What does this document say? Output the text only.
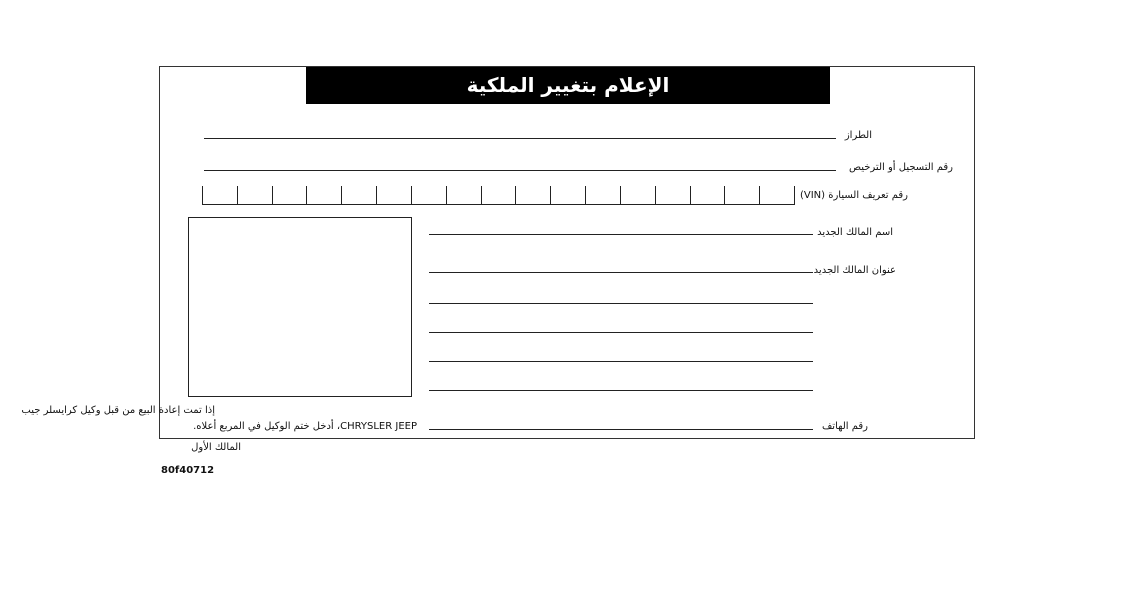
الإعلام بتغيير الملكية
الطراز
رقم التسجيل أو الترخيص
رقم تعريف السيارة (VIN)
إذا تمت إعادة البيع من قبل وكيل كرايسلر جيب
CHRYSLER JEEP، أدخل ختم الوكيل في المربع أعلاه.
اسم المالك الجديد
عنوان المالك الجديد
رقم الهاتف
المالك الأول
80f40712
